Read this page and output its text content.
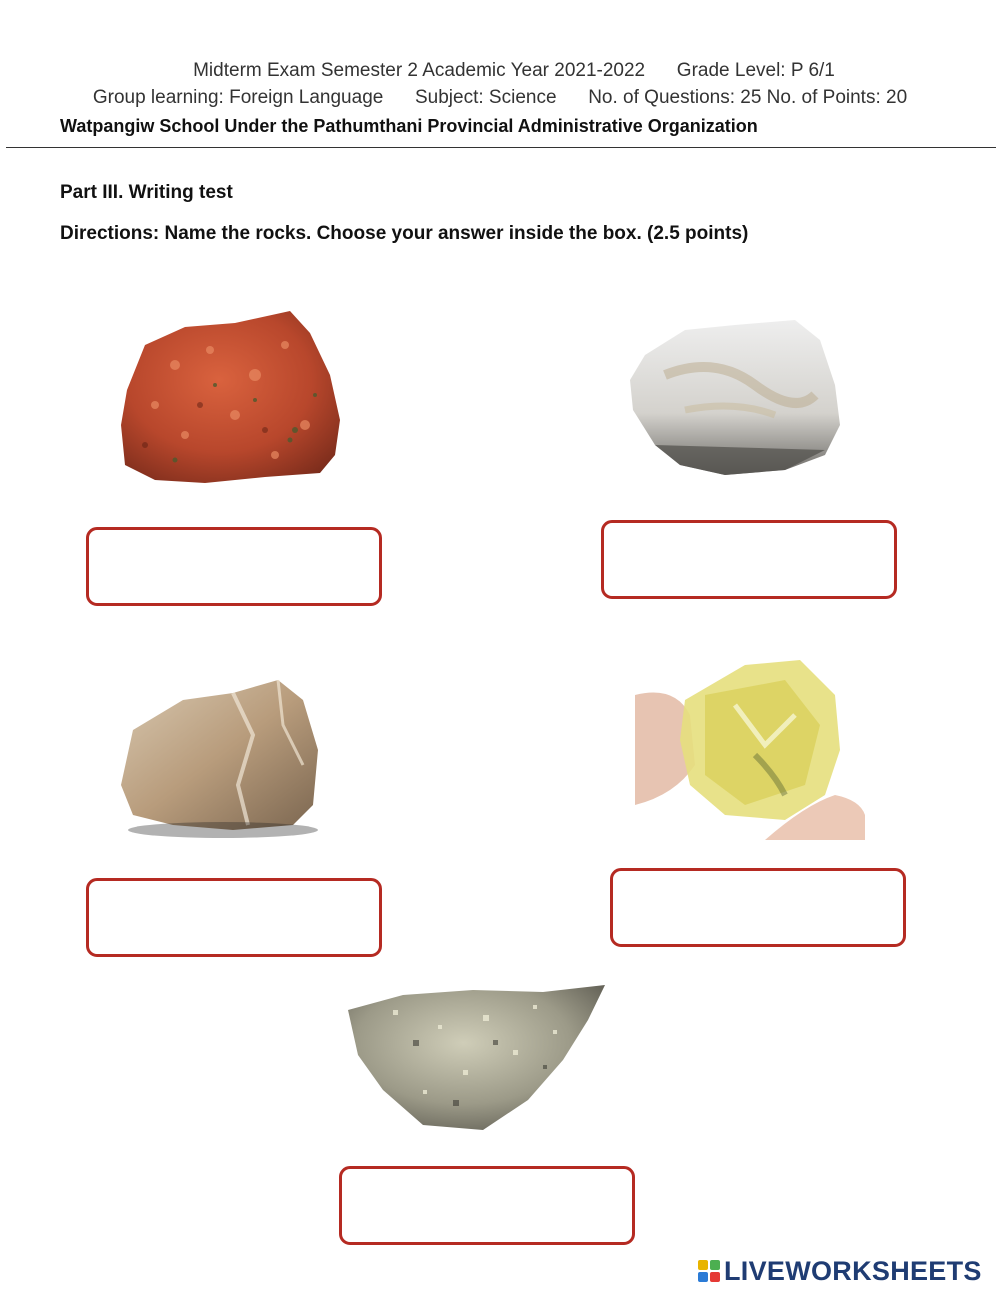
Midterm Exam Semester 2 Academic Year 2021-2022      Grade Level: P 6/1
Group learning: Foreign Language      Subject: Science      No. of Questions: 25 No. of Points: 20
Watpangiw School Under the Pathumthani Provincial Administrative Organization
Part III. Writing test
Directions: Name the rocks. Choose your answer inside the box. (2.5 points)
LIVEWORKSHEETS
